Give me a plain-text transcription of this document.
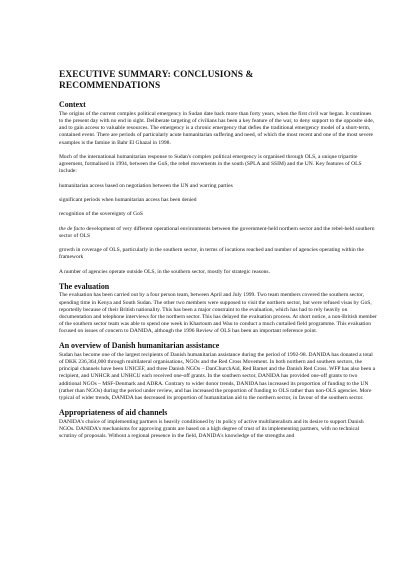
EXECUTIVE SUMMARY: CONCLUSIONS &
RECOMMENDATIONS
Context

The origins of the current complex political emergency in Sudan date back more than forty years, when the first civil war began. It continues to the present day with no end in sight. Deliberate targeting of civilians has been a key feature of the war, to deny support to the opposite side, and to gain access to valuable resources. The emergency is a chronic emergency that defies the traditional emergency model of a short-term, contained event. There are periods of particularly acute humanitarian suffering and need, of which the most recent and one of the most severe examples is the famine in Bahr El Ghazal in 1998.

Much of the international humanitarian response to Sudan's complex political emergency is organised through OLS, a unique tripartite agreement, formalised in 1994, between the GoS, the rebel movements in the south (SPLA and SSIM) and the UN. Key features of OLS include:

humanitarian access based on negotiation between the UN and warring parties

significant periods when humanitarian access has been denied

recognition of the sovereignty of GoS

the de facto development of very different operational environments between the government-held northern sector and the rebel-held southern sector of OLS

growth in coverage of OLS, particularly in the southern sector, in terms of locations reached and number of agencies operating within the framework

A number of agencies operate outside OLS, in the southern sector, mostly for strategic reasons.

The evaluation

The evaluation has been carried out by a four person team, between April and July 1999. Two team members covered the southern sector, spending time in Kenya and South Sudan. The other two members were supposed to visit the northern sector, but were refused visas by GoS, reportedly because of their British nationality. This has been a major constraint to the evaluation, which has had to rely heavily on documentation and telephone interviews for the northern sector. This has delayed the evaluation process. At short notice, a non-British member of the southern sector team was able to spend one week in Khartoum and Wau to conduct a much curtailed field programme. This evaluation focused on issues of concern to DANIDA, although the 1996 Review of OLS has been an important reference point.

An overview of Danish humanitarian assistance

Sudan has become one of the largest recipients of Danish humanitarian assistance during the period of 1992-98. DANIDA has donated a total of DKK 236,364,000 through multilateral organisations, NGOs and the Red Cross Movement. In both northern and southern sectors, the principal channels have been UNICEF, and three Danish NGOs – DanChurchAid, Red Barnet and the Danish Red Cross. WFP has also been a recipient, and UNHCR and UNHCU each received one-off grants. In the southern sector, DANIDA has provided one-off grants to two additional NGOs – MSF-Denmark and ADRA. Contrary to wider donor trends, DANIDA has increased its proportion of funding to the UN (rather than NGOs) during the period under review, and has increased the proportion of funding to OLS rather than non-OLS agencies. More typical of wider trends, DANIDA has decreased its proportion of humanitarian aid to the northern sector, in favour of the southern sector.

Appropriateness of aid channels

DANIDA's choice of implementing partners is heavily conditioned by its policy of active multilateralism and its desire to support Danish NGOs. DANIDA's mechanisms for approving grants are based on a high degree of trust of its implementing partners, with no technical scrutiny of proposals. Without a regional presence in the field, DANIDA's knowledge of the strengths and
